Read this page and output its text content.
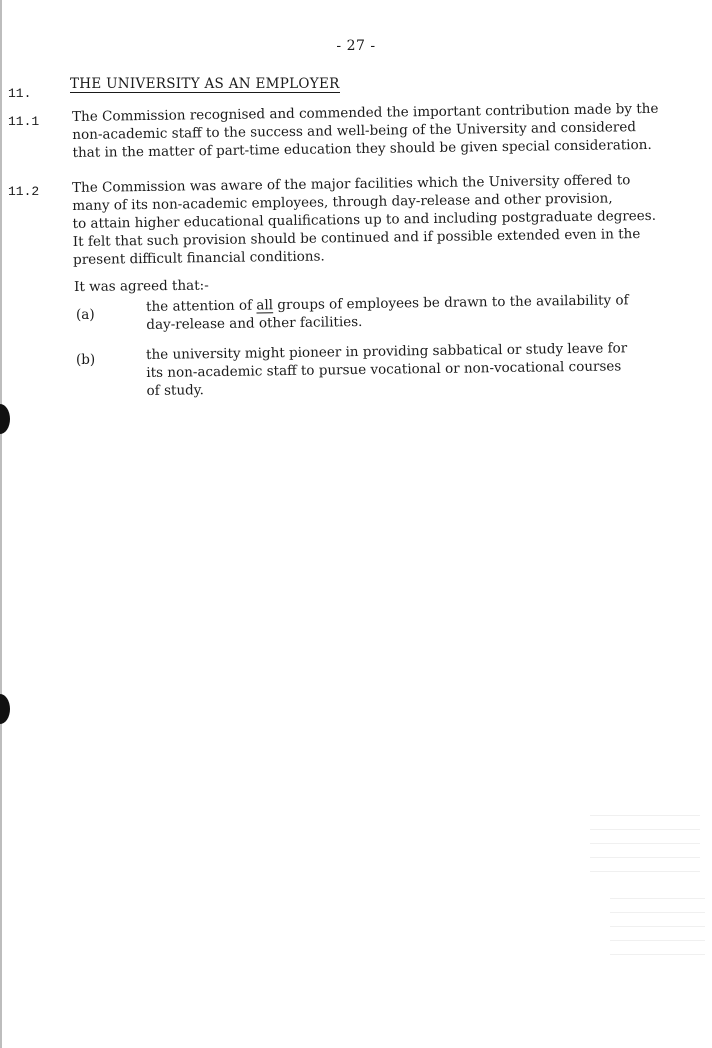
- 27 -
11.
THE UNIVERSITY AS AN EMPLOYER
11.1 The Commission recognised and commended the important contribution made by the
non-academic staff to the success and well-being of the University and considered
that in the matter of part-time education they should be given special consideration.
11.2 The Commission was aware of the major facilities which the University offered to
many of its non-academic employees, through day-release and other provision,
to attain higher educational qualifications up to and including postgraduate degrees.
It felt that such provision should be continued and if possible extended even in the
present difficult financial conditions.
It was agreed that:-
(a)
the attention of all groups of employees be drawn to the availability of
day-release and other facilities.
(b)	the university might pioneer in providing sabbatical or study leave for
its non-academic staff to pursue vocational or non-vocational courses
of study.
